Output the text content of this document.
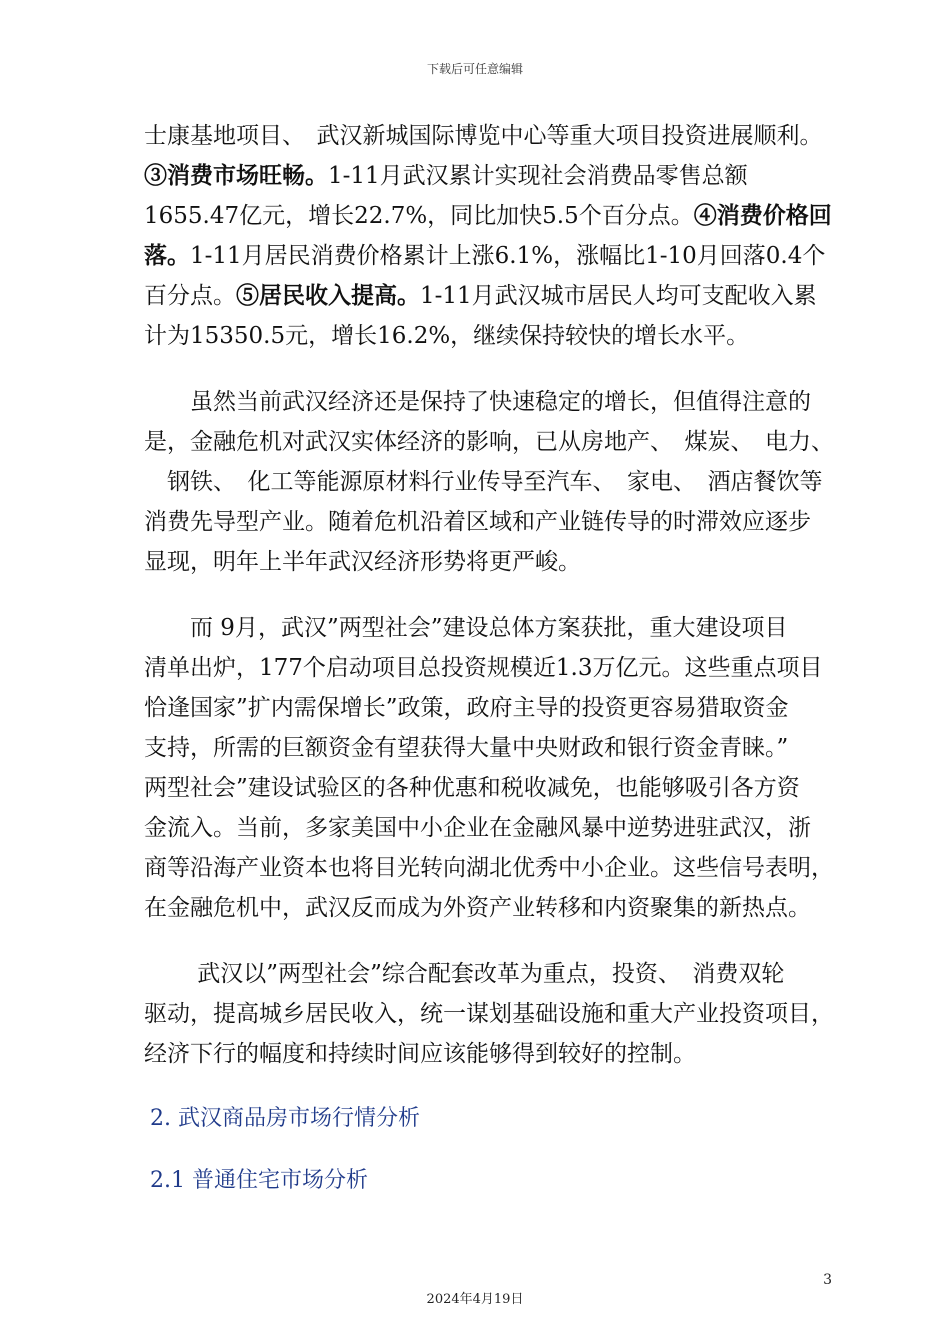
下载后可任意编辑
士康基地项目、　武汉新城国际博览中心等重大项目投资进展顺利。
③消费市场旺畅。1-11月武汉累计实现社会消费品零售总额
1655.47亿元，增长22.7%，同比加快5.5个百分点。④消费价格回
落。1-11月居民消费价格累计上涨6.1%，涨幅比1-10月回落0.4个
百分点。⑤居民收入提高。1-11月武汉城市居民人均可支配收入累
计为15350.5元，增长16.2%，继续保持较快的增长水平。
　　虽然当前武汉经济还是保持了快速稳定的增长，但值得注意的
是，金融危机对武汉实体经济的影响，已从房地产、　煤炭、　电力、
　钢铁、　化工等能源原材料行业传导至汽车、　家电、　酒店餐饮等
消费先导型产业。随着危机沿着区域和产业链传导的时滞效应逐步
显现，明年上半年武汉经济形势将更严峻。
　　而 9月，武汉”两型社会”建设总体方案获批，重大建设项目
清单出炉，177个启动项目总投资规模近1.3万亿元。这些重点项目
恰逢国家”扩内需保增长”政策，政府主导的投资更容易猎取资金
支持，所需的巨额资金有望获得大量中央财政和银行资金青睐。”
两型社会”建设试验区的各种优惠和税收减免，也能够吸引各方资
金流入。当前，多家美国中小企业在金融风暴中逆势进驻武汉，浙
商等沿海产业资本也将目光转向湖北优秀中小企业。这些信号表明，
在金融危机中，武汉反而成为外资产业转移和内资聚集的新热点。
　　 武汉以”两型社会”综合配套改革为重点，投资、　消费双轮
驱动，提高城乡居民收入，统一谋划基础设施和重大产业投资项目，
经济下行的幅度和持续时间应该能够得到较好的控制。
2. 武汉商品房市场行情分析
2.1 普通住宅市场分析
3
2024年4月19日
